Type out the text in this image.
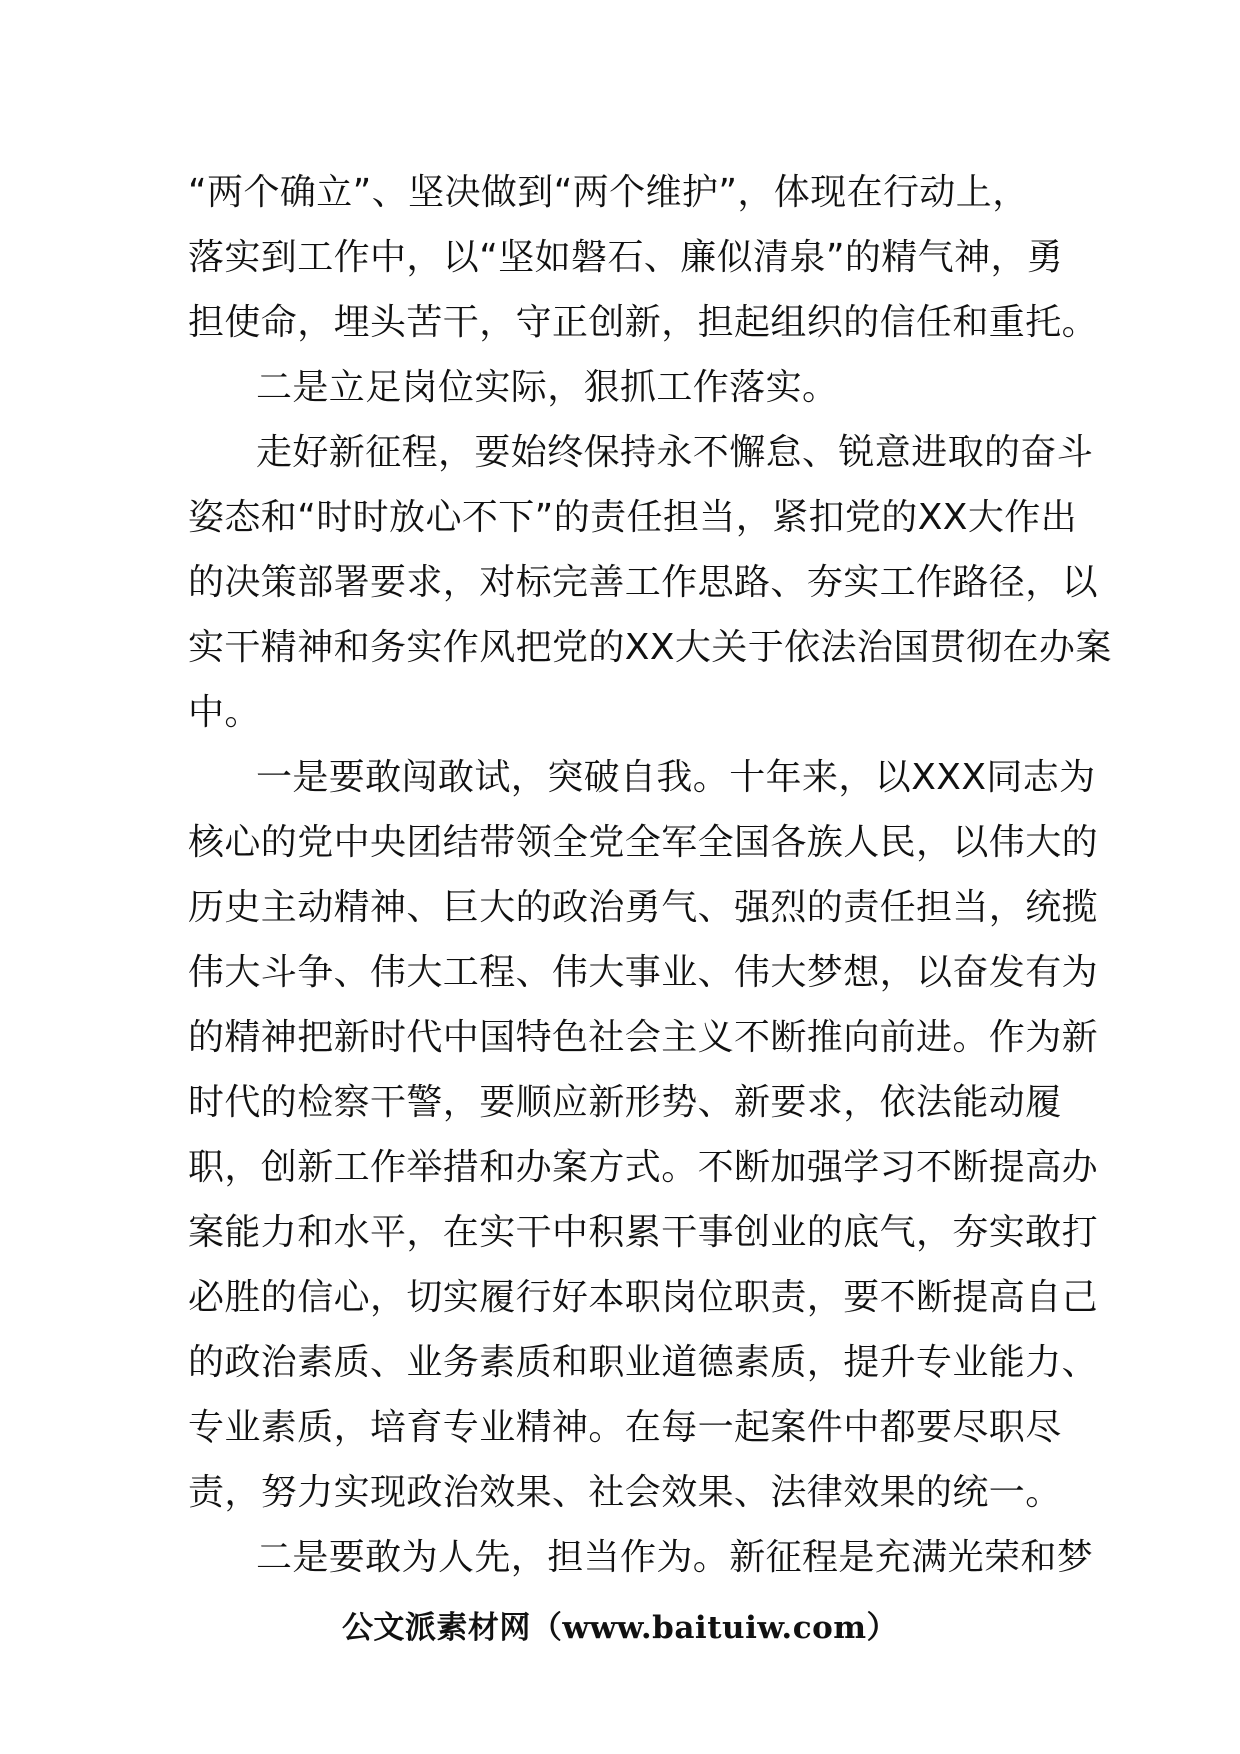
“两个确立”、坚决做到“两个维护”，体现在行动上，
落实到工作中，以“坚如磐石、廉似清泉”的精气神，勇
担使命，埋头苦干，守正创新，担起组织的信任和重托。
二是立足岗位实际，狠抓工作落实。
走好新征程，要始终保持永不懈怠、锐意进取的奋斗
姿态和“时时放心不下”的责任担当，紧扣党的XX大作出
的决策部署要求，对标完善工作思路、夯实工作路径，以
实干精神和务实作风把党的XX大关于依法治国贯彻在办案
中。
一是要敢闯敢试，突破自我。十年来，以XXX同志为
核心的党中央团结带领全党全军全国各族人民，以伟大的
历史主动精神、巨大的政治勇气、强烈的责任担当，统揽
伟大斗争、伟大工程、伟大事业、伟大梦想，以奋发有为
的精神把新时代中国特色社会主义不断推向前进。作为新
时代的检察干警，要顺应新形势、新要求，依法能动履
职，创新工作举措和办案方式。不断加强学习不断提高办
案能力和水平，在实干中积累干事创业的底气，夯实敢打
必胜的信心，切实履行好本职岗位职责，要不断提高自己
的政治素质、业务素质和职业道德素质，提升专业能力、
专业素质，培育专业精神。在每一起案件中都要尽职尽
责，努力实现政治效果、社会效果、法律效果的统一。
二是要敢为人先，担当作为。新征程是充满光荣和梦
公文派素材网（www.baituiw.com）
